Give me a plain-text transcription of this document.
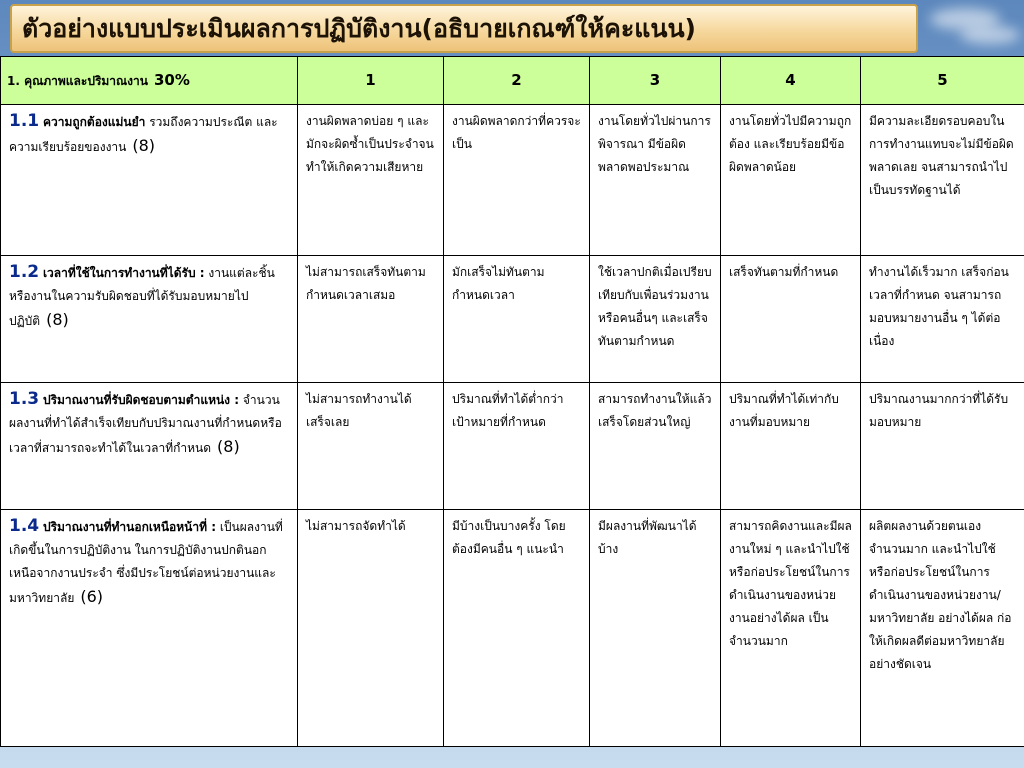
ตัวอย่างแบบประเมินผลการปฏิบัติงาน(อธิบายเกณฑ์ให้คะแนน)
1. คุณภาพและปริมาณงาน 30%	1	2	3	4	5
1.1 ความถูกต้องแม่นยำ รวมถึงความประณีต และความเรียบร้อยของงาน (8)	งานผิดพลาดบ่อย ๆ และมักจะผิดซ้ำเป็นประจำจนทำให้เกิดความเสียหาย	งานผิดพลาดกว่าที่ควรจะเป็น	งานโดยทั่วไปผ่านการพิจารณา มีข้อผิดพลาดพอประมาณ	งานโดยทั่วไปมีความถูกต้อง และเรียบร้อยมีข้อผิดพลาดน้อย	มีความละเอียดรอบคอบในการทำงานแทบจะไม่มีข้อผิดพลาดเลย จนสามารถนำไปเป็นบรรทัดฐานได้
1.2 เวลาที่ใช้ในการทำงานที่ได้รับ : งานแต่ละชิ้นหรืองานในความรับผิดชอบที่ได้รับมอบหมายไปปฏิบัติ (8)	ไม่สามารถเสร็จทันตามกำหนดเวลาเสมอ	มักเสร็จไม่ทันตามกำหนดเวลา	ใช้เวลาปกติเมื่อเปรียบเทียบกับเพื่อนร่วมงานหรือคนอื่นๆ และเสร็จทันตามกำหนด	เสร็จทันตามที่กำหนด	ทำงานได้เร็วมาก เสร็จก่อนเวลาที่กำหนด จนสามารถมอบหมายงานอื่น ๆ ได้ต่อเนื่อง
1.3 ปริมาณงานที่รับผิดชอบตามตำแหน่ง : จำนวนผลงานที่ทำได้สำเร็จเทียบกับปริมาณงานที่กำหนดหรือเวลาที่สามารถจะทำได้ในเวลาที่กำหนด (8)	ไม่สามารถทำงานได้เสร็จเลย	ปริมาณที่ทำได้ต่ำกว่าเป้าหมายที่กำหนด	สามารถทำงานให้แล้วเสร็จโดยส่วนใหญ่	ปริมาณที่ทำได้เท่ากับงานที่มอบหมาย	ปริมาณงานมากกว่าที่ได้รับมอบหมาย
1.4 ปริมาณงานที่ทำนอกเหนือหน้าที่ : เป็นผลงานที่เกิดขึ้นในการปฏิบัติงาน ในการปฏิบัติงานปกตินอกเหนือจากงานประจำ ซึ่งมีประโยชน์ต่อหน่วยงานและมหาวิทยาลัย (6)	ไม่สามารถจัดทำได้	มีบ้างเป็นบางครั้ง โดยต้องมีคนอื่น ๆ แนะนำ	มีผลงานที่พัฒนาได้บ้าง	สามารถคิดงานและมีผลงานใหม่ ๆ และนำไปใช้หรือก่อประโยชน์ในการดำเนินงานของหน่วยงานอย่างได้ผล เป็นจำนวนมาก	ผลิตผลงานด้วยตนเองจำนวนมาก และนำไปใช้หรือก่อประโยชน์ในการดำเนินงานของหน่วยงาน/มหาวิทยาลัย อย่างได้ผล ก่อให้เกิดผลดีต่อมหาวิทยาลัยอย่างชัดเจน
